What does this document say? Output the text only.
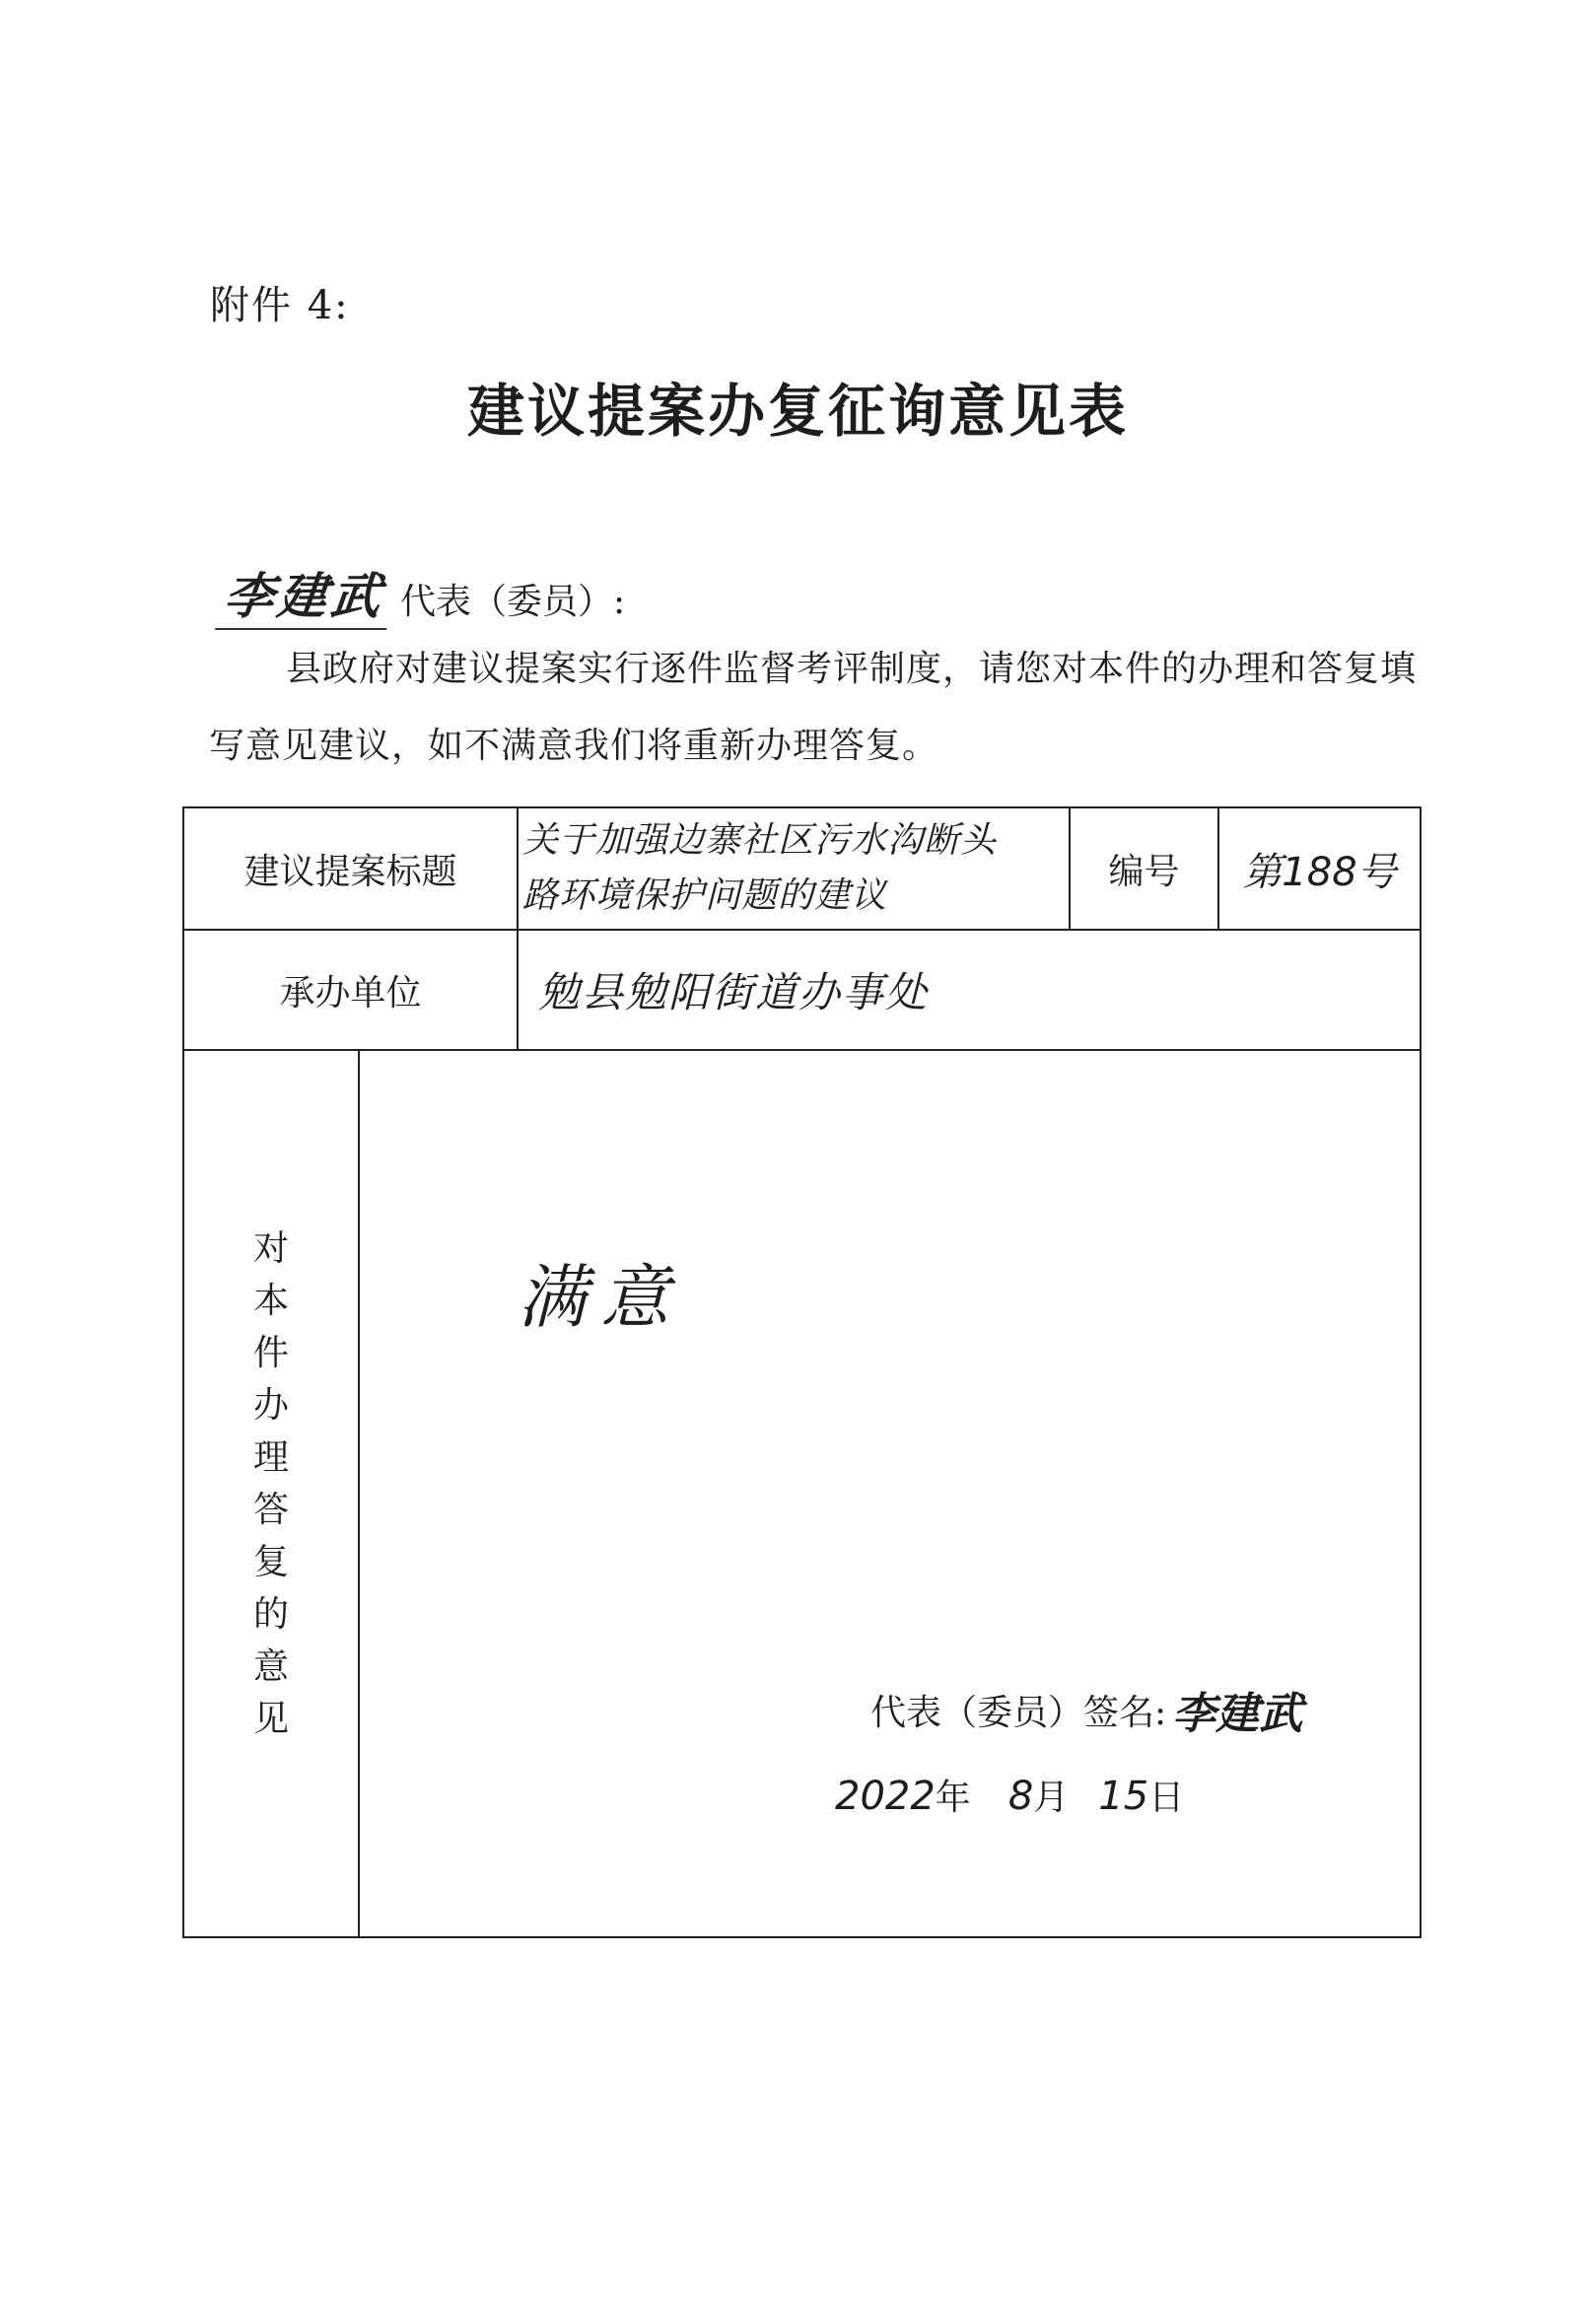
附件 4:
建议提案办复征询意见表
李建武 代表（委员）:
县政府对建议提案实行逐件监督考评制度，请您对本件的办理和答复填写意见建议，如不满意我们将重新办理答复。
建议提案标题
关于加强边寨社区污水沟断头
路环境保护问题的建议
编号	第188号
承办单位	勉县勉阳街道办事处
对
本
件
办
理
答
复
的
意
见
满意
代表（委员）签名: 李建武
2022 年 8 月 15 日
